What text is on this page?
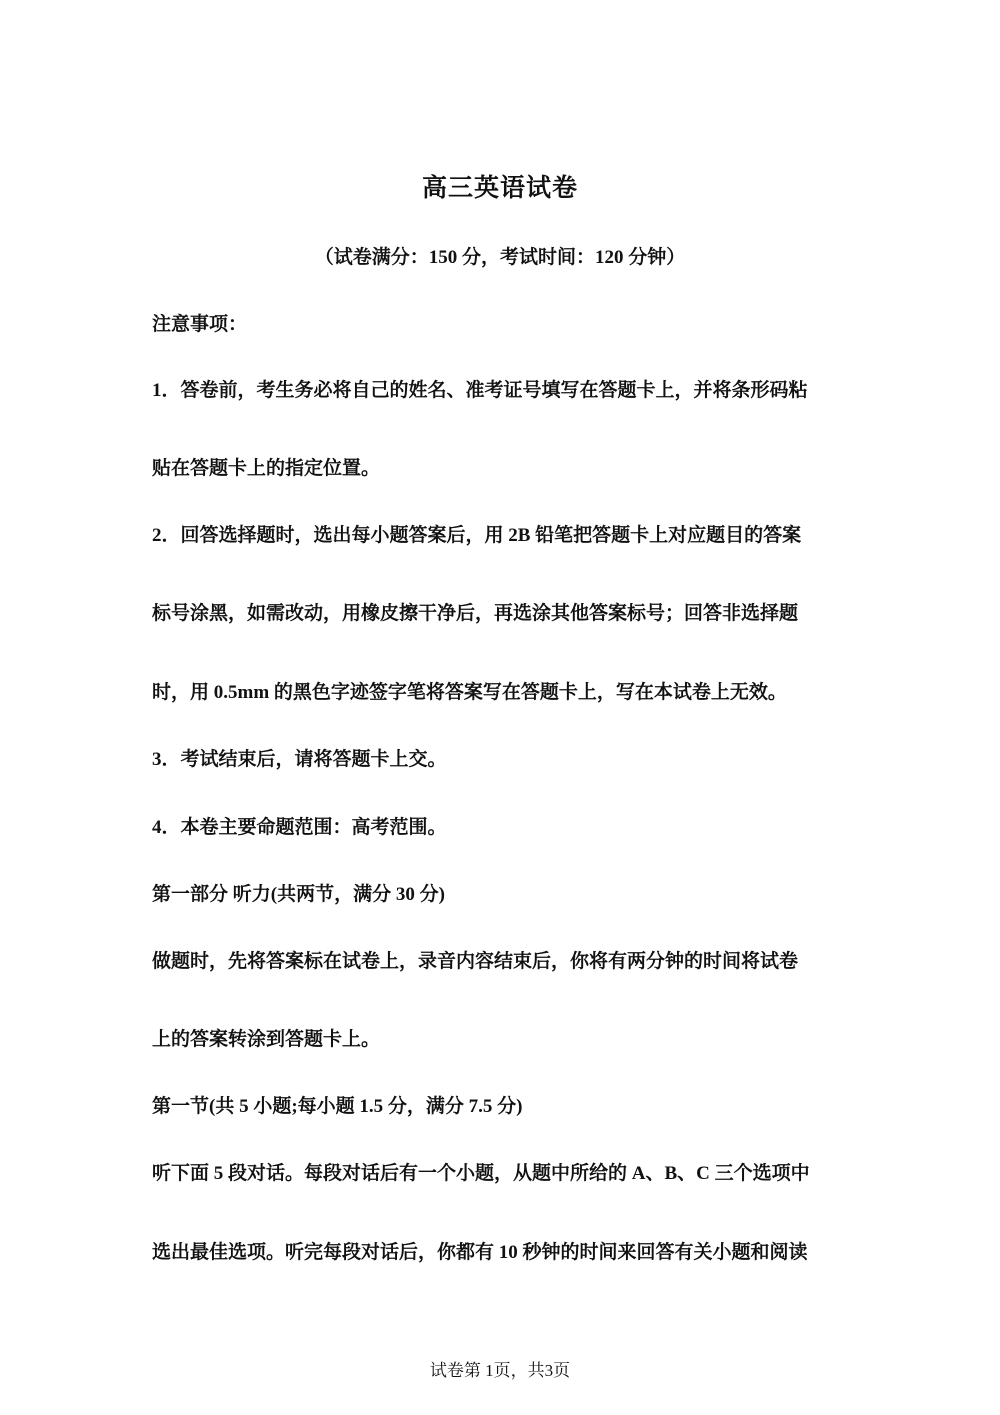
高三英语试卷
（试卷满分：150 分，考试时间：120 分钟）
注意事项：
1．答卷前，考生务必将自己的姓名、准考证号填写在答题卡上，并将条形码粘
贴在答题卡上的指定位置。
2．回答选择题时，选出每小题答案后，用 2B 铅笔把答题卡上对应题目的答案
标号涂黑，如需改动，用橡皮擦干净后，再选涂其他答案标号；回答非选择题
时，用 0.5mm 的黑色字迹签字笔将答案写在答题卡上，写在本试卷上无效。
3．考试结束后，请将答题卡上交。
4．本卷主要命题范围：高考范围。
第一部分 听力(共两节，满分 30 分)
做题时，先将答案标在试卷上，录音内容结束后，你将有两分钟的时间将试卷
上的答案转涂到答题卡上。
第一节(共 5 小题;每小题 1.5 分，满分 7.5 分)
听下面 5 段对话。每段对话后有一个小题，从题中所给的 A、B、C 三个选项中
选出最佳选项。听完每段对话后，你都有 10 秒钟的时间来回答有关小题和阅读
试卷第 1页，共3页
